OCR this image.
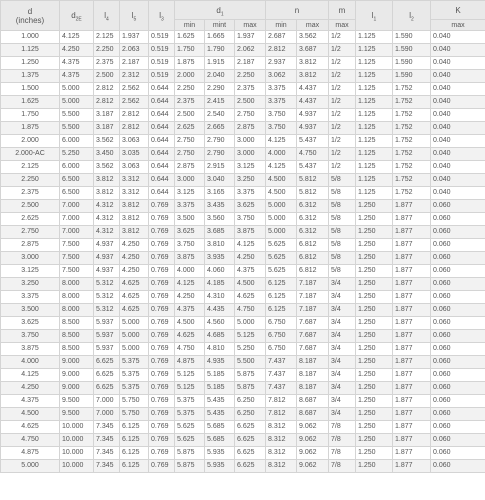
d
(inches)	$d_{2E}$	$l_4$	$l_5$	$l_3$	$d_1$			n		m	$l_1$	$l_2$	K
					min	mint	max	min	max	max			max
1.000	4.125	2.125	1.937	0.519	1.625	1.665	1.937	2.687	3.562	1/2	1.125	1.590	0.040
1.125	4.250	2.250	2.063	0.519	1.750	1.790	2.062	2.812	3.687	1/2	1.125	1.590	0.040
1.250	4.375	2.375	2.187	0.519	1.875	1.915	2.187	2.937	3.812	1/2	1.125	1.590	0.040
1.375	4.375	2.500	2.312	0.519	2.000	2.040	2.250	3.062	3.812	1/2	1.125	1.590	0.040
1.500	5.000	2.812	2.562	0.644	2.250	2.290	2.375	3.375	4.437	1/2	1.125	1.752	0.040
1.625	5.000	2.812	2.562	0.644	2.375	2.415	2.500	3.375	4.437	1/2	1.125	1.752	0.040
1.750	5.500	3.187	2.812	0.644	2.500	2.540	2.750	3.750	4.937	1/2	1.125	1.752	0.040
1.875	5.500	3.187	2.812	0.644	2.625	2.665	2.875	3.750	4.937	1/2	1.125	1.752	0.040
2.000	6.000	3.562	3.063	0.644	2.750	2.790	3.000	4.125	5.437	1/2	1.125	1.752	0.040
2.000-AC	5.250	3.450	3.035	0.644	2.750	2.790	3.000	4.000	4.750	1/2	1.125	1.752	0.040
2.125	6.000	3.562	3.063	0.644	2.875	2.915	3.125	4.125	5.437	1/2	1.125	1.752	0.040
2.250	6.500	3.812	3.312	0.644	3.000	3.040	3.250	4.500	5.812	5/8	1.125	1.752	0.040
2.375	6.500	3.812	3.312	0.644	3.125	3.165	3.375	4.500	5.812	5/8	1.125	1.752	0.040
2.500	7.000	4.312	3.812	0.769	3.375	3.435	3.625	5.000	6.312	5/8	1.250	1.877	0.060
2.625	7.000	4.312	3.812	0.769	3.500	3.560	3.750	5.000	6.312	5/8	1.250	1.877	0.060
2.750	7.000	4.312	3.812	0.769	3.625	3.685	3.875	5.000	6.312	5/8	1.250	1.877	0.060
2.875	7.500	4.937	4.250	0.769	3.750	3.810	4.125	5.625	6.812	5/8	1.250	1.877	0.060
3.000	7.500	4.937	4.250	0.769	3.875	3.935	4.250	5.625	6.812	5/8	1.250	1.877	0.060
3.125	7.500	4.937	4.250	0.769	4.000	4.060	4.375	5.625	6.812	5/8	1.250	1.877	0.060
3.250	8.000	5.312	4.625	0.769	4.125	4.185	4.500	6.125	7.187	3/4	1.250	1.877	0.060
3.375	8.000	5.312	4.625	0.769	4.250	4.310	4.625	6.125	7.187	3/4	1.250	1.877	0.060
3.500	8.000	5.312	4.625	0.769	4.375	4.435	4.750	6.125	7.187	3/4	1.250	1.877	0.060
3.625	8.500	5.937	5.000	0.769	4.500	4.560	5.000	6.750	7.687	3/4	1.250	1.877	0.060
3.750	8.500	5.937	5.000	0.769	4.625	4.685	5.125	6.750	7.687	3/4	1.250	1.877	0.060
3.875	8.500	5.937	5.000	0.769	4.750	4.810	5.250	6.750	7.687	3/4	1.250	1.877	0.060
4.000	9.000	6.625	5.375	0.769	4.875	4.935	5.500	7.437	8.187	3/4	1.250	1.877	0.060
4.125	9.000	6.625	5.375	0.769	5.125	5.185	5.875	7.437	8.187	3/4	1.250	1.877	0.060
4.250	9.000	6.625	5.375	0.769	5.125	5.185	5.875	7.437	8.187	3/4	1.250	1.877	0.060
4.375	9.500	7.000	5.750	0.769	5.375	5.435	6.250	7.812	8.687	3/4	1.250	1.877	0.060
4.500	9.500	7.000	5.750	0.769	5.375	5.435	6.250	7.812	8.687	3/4	1.250	1.877	0.060
4.625	10.000	7.345	6.125	0.769	5.625	5.685	6.625	8.312	9.062	7/8	1.250	1.877	0.060
4.750	10.000	7.345	6.125	0.769	5.625	5.685	6.625	8.312	9.062	7/8	1.250	1.877	0.060
4.875	10.000	7.345	6.125	0.769	5.875	5.935	6.625	8.312	9.062	7/8	1.250	1.877	0.060
5.000	10.000	7.345	6.125	0.769	5.875	5.935	6.625	8.312	9.062	7/8	1.250	1.877	0.060
